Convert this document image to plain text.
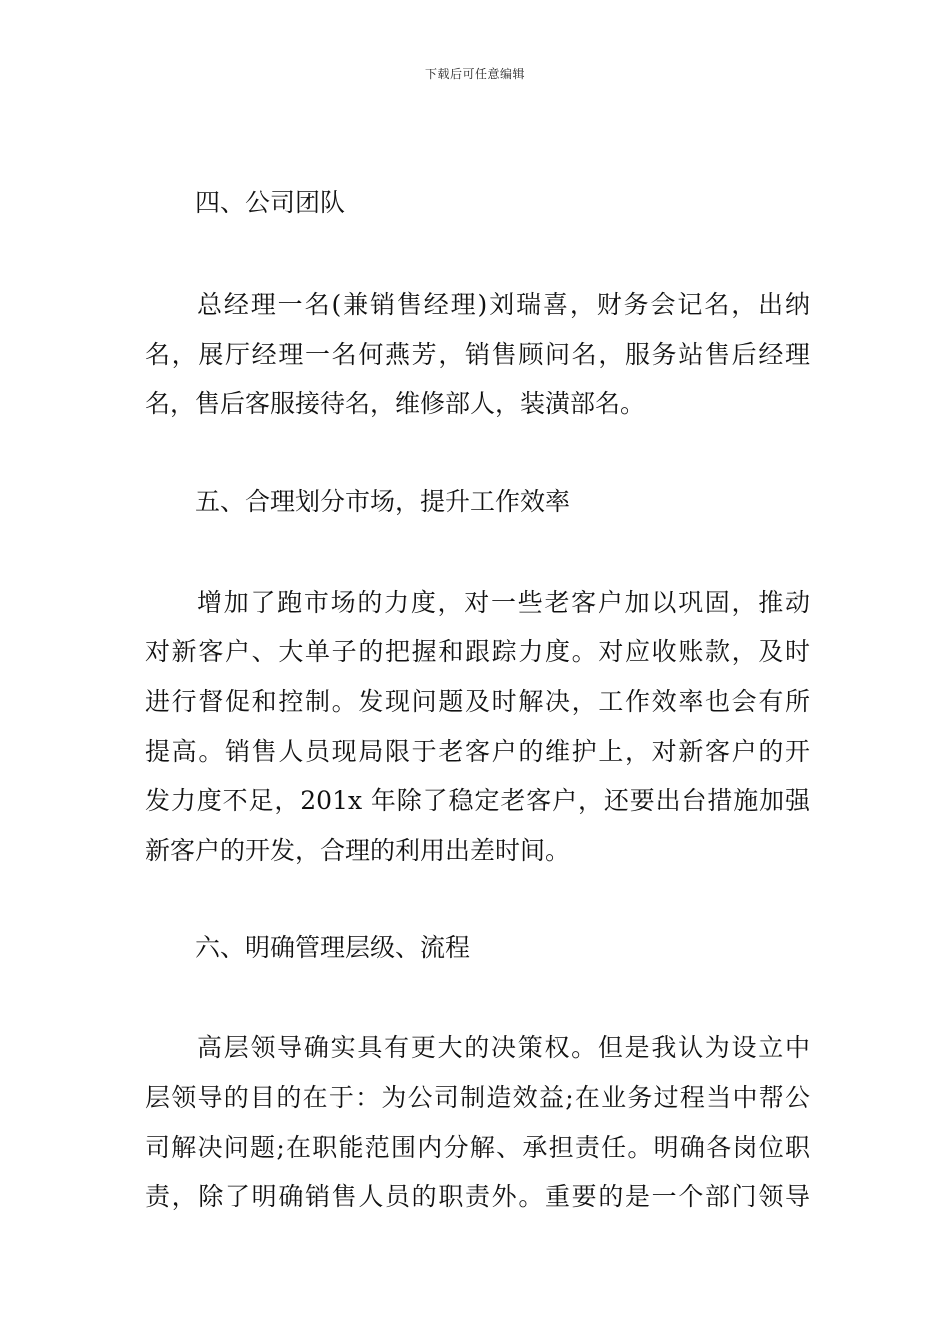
下载后可任意编辑
四、公司团队
总经理一名(兼销售经理)刘瑞喜，财务会记名，出纳
名，展厅经理一名何燕芳，销售顾问名，服务站售后经理
名，售后客服接待名，维修部人，装潢部名。
五、合理划分市场，提升工作效率
增加了跑市场的力度，对一些老客户加以巩固，推动
对新客户、大单子的把握和跟踪力度。对应收账款，及时
进行督促和控制。发现问题及时解决，工作效率也会有所
提高。销售人员现局限于老客户的维护上，对新客户的开
发力度不足，201x 年除了稳定老客户，还要出台措施加强
新客户的开发，合理的利用出差时间。
六、明确管理层级、流程
高层领导确实具有更大的决策权。但是我认为设立中
层领导的目的在于：为公司制造效益;在业务过程当中帮公
司解决问题;在职能范围内分解、承担责任。明确各岗位职
责，除了明确销售人员的职责外。重要的是一个部门领导
